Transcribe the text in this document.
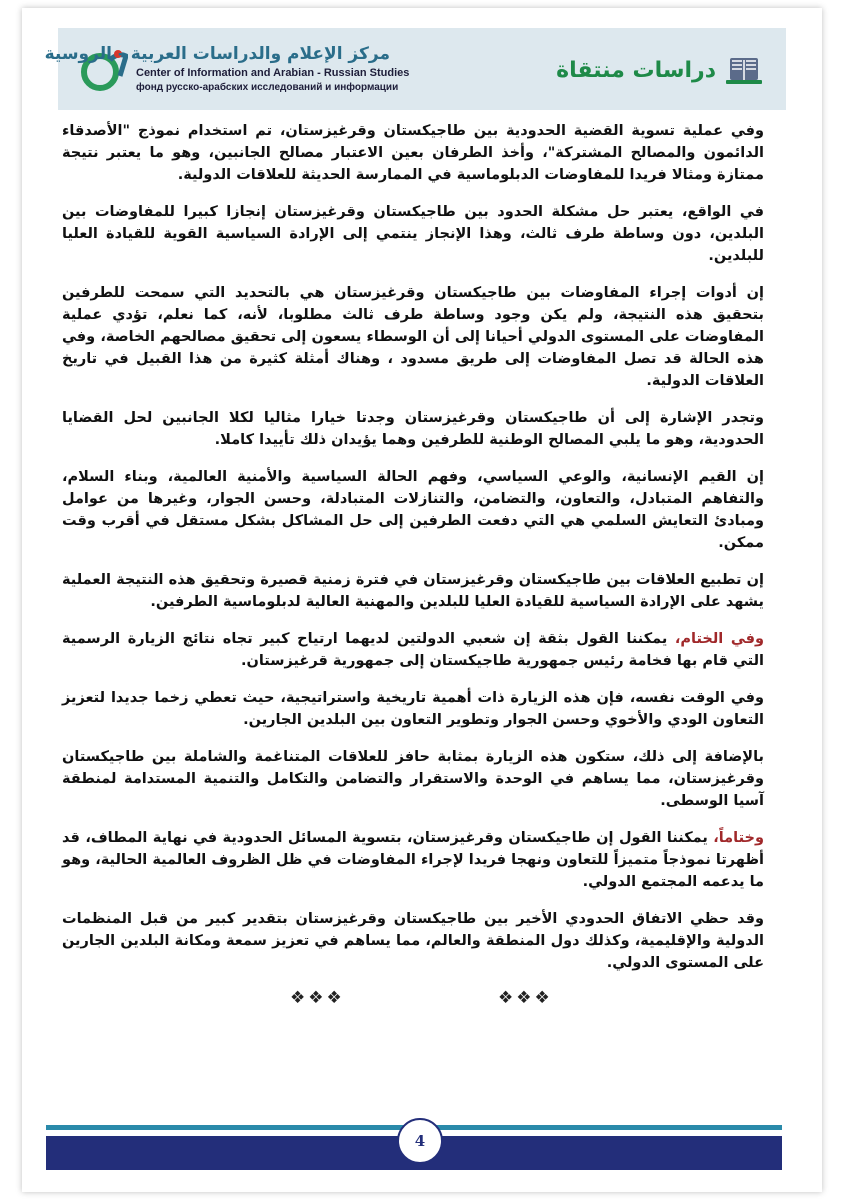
مركز الإعلام والدراسات العربية - الروسية
Center of Information and Arabian - Russian Studies
фонд русско-арабских исследований и информации
دراسات منتقاة

وفي عملية تسوية القضية الحدودية بين طاجيكستان وقرغيزستان، تم استخدام نموذج "الأصدقاء الدائمون والمصالح المشتركة"، وأخذ الطرفان بعين الاعتبار مصالح الجانبين، وهو ما يعتبر نتيجة ممتازة ومثالا فريدا للمفاوضات الدبلوماسية في الممارسة الحديثة للعلاقات الدولية.

في الواقع، يعتبر حل مشكلة الحدود بين طاجيكستان وقرغيزستان إنجازا كبيرا للمفاوضات بين البلدين، دون وساطة طرف ثالث، وهذا الإنجاز ينتمي إلى الإرادة السياسية القوية للقيادة العليا للبلدين.

إن أدوات إجراء المفاوضات بين طاجيكستان وقرغيزستان هي بالتحديد التي سمحت للطرفين بتحقيق هذه النتيجة، ولم يكن وجود وساطة طرف ثالث مطلوبا، لأنه، كما نعلم، تؤدي عملية المفاوضات على المستوى الدولي أحيانا إلى أن الوسطاء يسعون إلى تحقيق مصالحهم الخاصة، وفي هذه الحالة قد تصل المفاوضات إلى طريق مسدود ، وهناك أمثلة كثيرة من هذا القبيل في تاريخ العلاقات الدولية.

وتجدر الإشارة إلى أن طاجيكستان وقرغيزستان وجدتا خيارا مثاليا لكلا الجانبين لحل القضايا الحدودية، وهو ما يلبي المصالح الوطنية للطرفين وهما يؤيدان ذلك تأييدا كاملا.

إن القيم الإنسانية، والوعي السياسي، وفهم الحالة السياسية والأمنية العالمية، وبناء السلام، والتفاهم المتبادل، والتعاون، والتضامن، والتنازلات المتبادلة، وحسن الجوار، وغيرها من عوامل ومبادئ التعايش السلمي هي التي دفعت الطرفين إلى حل المشاكل بشكل مستقل في أقرب وقت ممكن.

إن تطبيع العلاقات بين طاجيكستان وقرغيزستان في فترة زمنية قصيرة وتحقيق هذه النتيجة العملية يشهد على الإرادة السياسية للقيادة العليا للبلدين والمهنية العالية لدبلوماسية الطرفين.

وفي الختام، يمكننا القول بثقة إن شعبي الدولتين لديهما ارتياح كبير تجاه نتائج الزيارة الرسمية التي قام بها فخامة رئيس جمهورية طاجيكستان إلى جمهورية قرغيزستان.

وفي الوقت نفسه، فإن هذه الزيارة ذات أهمية تاريخية واستراتيجية، حيث تعطي زخما جديدا لتعزيز التعاون الودي والأخوي وحسن الجوار وتطوير التعاون بين البلدين الجارين.

بالإضافة إلى ذلك، ستكون هذه الزيارة بمثابة حافز للعلاقات المتناغمة والشاملة بين طاجيكستان وقرغيزستان، مما يساهم في الوحدة والاستقرار والتضامن والتكامل والتنمية المستدامة لمنطقة آسيا الوسطى.

وختاماً، يمكننا القول إن طاجيكستان وقرغيزستان، بتسوية المسائل الحدودية في نهاية المطاف، قد أظهرتا نموذجاً متميزاً للتعاون ونهجا فريدا لإجراء المفاوضات في ظل الظروف العالمية الحالية، وهو ما يدعمه المجتمع الدولي.

وقد حظي الاتفاق الحدودي الأخير بين طاجيكستان وقرغيزستان بتقدير كبير من قبل المنظمات الدولية والإقليمية، وكذلك دول المنطقة والعالم، مما يساهم في تعزيز سمعة ومكانة البلدين الجارين على المستوى الدولي.

❖❖❖	❖❖❖
4
